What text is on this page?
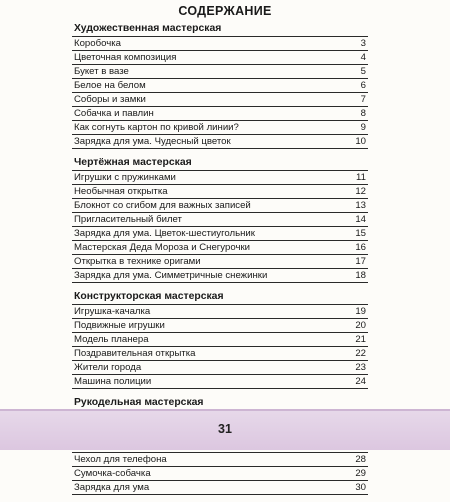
СОДЕРЖАНИЕ
Художественная мастерская
Коробочка	3
Цветочная композиция	4
Букет в вазе	5
Белое на белом	6
Соборы и замки	7
Собачка и павлин	8
Как согнуть картон по кривой линии?	9
Зарядка для ума. Чудесный цветок	10
Чертёжная мастерская
Игрушки с пружинками	11
Необычная открытка	12
Блокнот со сгибом для важных записей	13
Пригласительный билет	14
Зарядка для ума. Цветок-шестиугольник	15
Мастерская Деда Мороза и Снегурочки	16
Открытка в технике оригами	17
Зарядка для ума. Симметричные снежинки	18
Конструкторская мастерская
Игрушка-качалка	19
Подвижные игрушки	20
Модель планера	21
Поздравительная открытка	22
Жители города	23
Машина полиции	24
Рукодельная мастерская
Чехол для телефона	28
Сумочка-собачка	29
Зарядка для ума	30
31
